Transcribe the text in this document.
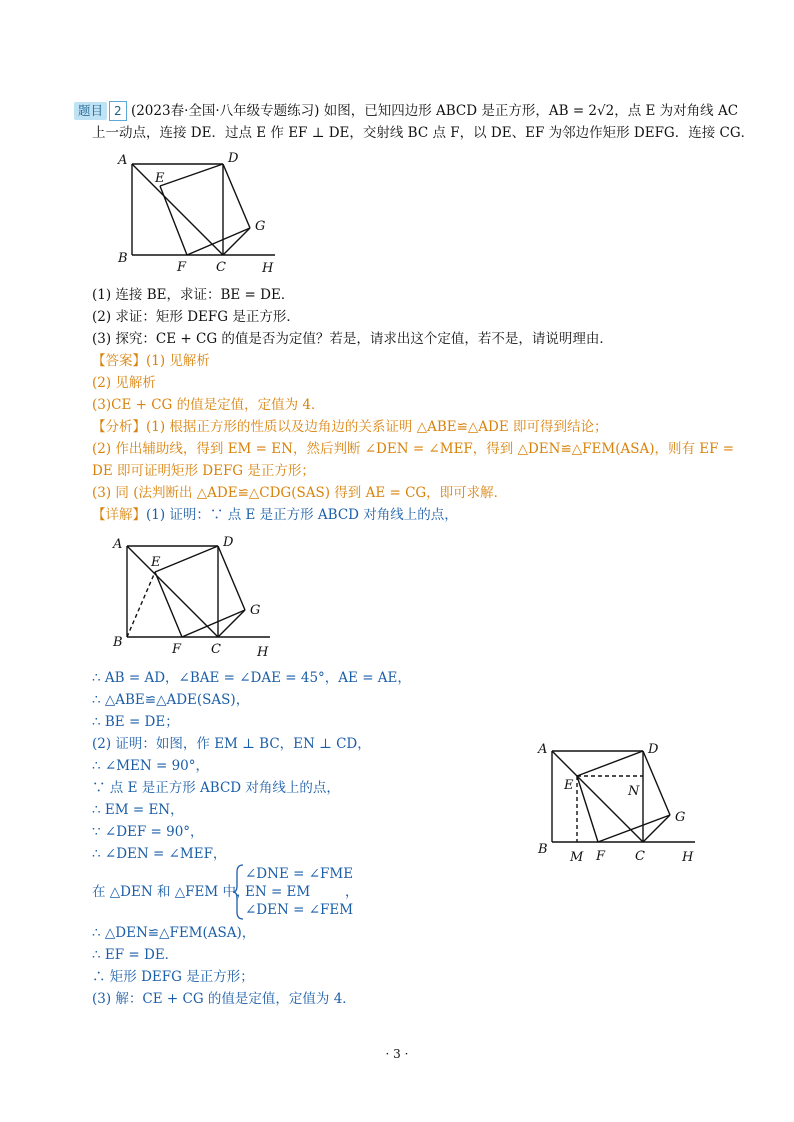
题目 2 (2023春·全国·八年级专题练习) 如图，已知四边形 ABCD 是正方形，AB = 2√2，点 E 为对角线 AC
上一动点，连接 DE．过点 E 作 EF ⊥ DE，交射线 BC 点 F，以 DE、EF 为邻边作矩形 DEFG．连接 CG．
A	D
E
G
B
F C	H
(1) 连接 BE，求证：BE = DE．
(2) 求证：矩形 DEFG 是正方形．
(3) 探究：CE + CG 的值是否为定值？若是，请求出这个定值，若不是，请说明理由．
【答案】(1) 见解析
(2) 见解析
(3)CE + CG 的值是定值，定值为 4．
【分析】(1) 根据正方形的性质以及边角边的关系证明 △ABE≌△ADE 即可得到结论；
(2) 作出辅助线，得到 EM = EN，然后判断 ∠DEN = ∠MEF，得到 △DEN≌△FEM(ASA)，则有 EF =
DE 即可证明矩形 DEFG 是正方形；
(3) 同 (法判断出 △ADE≌△CDG(SAS) 得到 AE = CG，即可求解．
【详解】(1) 证明：∵ 点 E 是正方形 ABCD 对角线上的点，
A	D
E
G
B	F C	H
∴ AB = AD，∠BAE = ∠DAE = 45°，AE = AE，
∴ △ABE≌△ADE(SAS)，
∴ BE = DE；
(2) 证明：如图，作 EM ⊥ BC，EN ⊥ CD，
∴ ∠MEN = 90°，
∵ 点 E 是正方形 ABCD 对角线上的点，
∴ EM = EN，
∵ ∠DEF = 90°，
∴ ∠DEN = ∠MEF，
在 △DEN 和 △FEM 中，
∠DNE = ∠FME
EN = EM
∠DEN = ∠FEM
，
∴ △DEN≌△FEM(ASA)，
∴ EF = DE．
∴ 矩形 DEFG 是正方形；
(3) 解：CE + CG 的值是定值，定值为 4．
A	D
E	N
G
B
M F C	H
· 3 ·
